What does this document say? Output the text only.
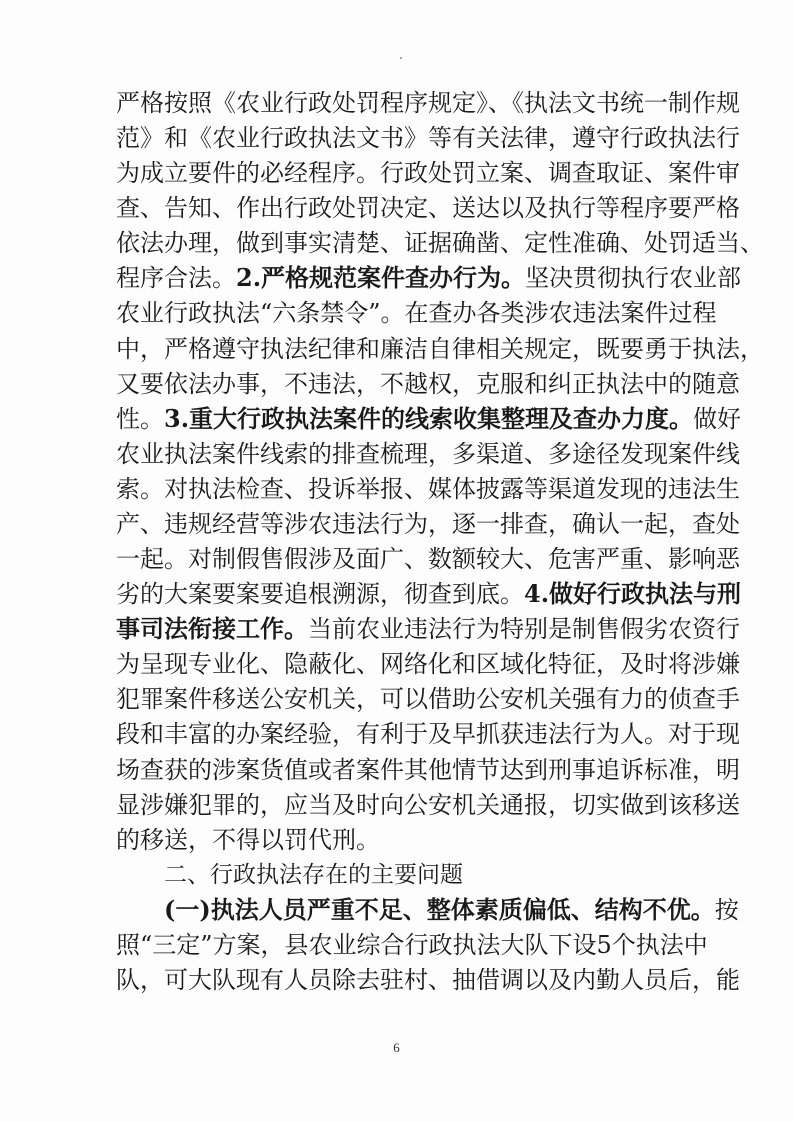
严格按照《农业行政处罚程序规定》、《执法文书统一制作规
范》和《农业行政执法文书》等有关法律，遵守行政执法行
为成立要件的必经程序。行政处罚立案、调查取证、案件审
查、告知、作出行政处罚决定、送达以及执行等程序要严格
依法办理，做到事实清楚、证据确凿、定性准确、处罚适当、
程序合法。2.严格规范案件查办行为。坚决贯彻执行农业部
农业行政执法“六条禁令”。在查办各类涉农违法案件过程
中，严格遵守执法纪律和廉洁自律相关规定，既要勇于执法，
又要依法办事，不违法，不越权，克服和纠正执法中的随意
性。3.重大行政执法案件的线索收集整理及查办力度。做好
农业执法案件线索的排查梳理，多渠道、多途径发现案件线
索。对执法检查、投诉举报、媒体披露等渠道发现的违法生
产、违规经营等涉农违法行为，逐一排查，确认一起，查处
一起。对制假售假涉及面广、数额较大、危害严重、影响恶
劣的大案要案要追根溯源，彻查到底。4.做好行政执法与刑
事司法衔接工作。当前农业违法行为特别是制售假劣农资行
为呈现专业化、隐蔽化、网络化和区域化特征，及时将涉嫌
犯罪案件移送公安机关，可以借助公安机关强有力的侦查手
段和丰富的办案经验，有利于及早抓获违法行为人。对于现
场查获的涉案货值或者案件其他情节达到刑事追诉标准，明
显涉嫌犯罪的，应当及时向公安机关通报，切实做到该移送
的移送，不得以罚代刑。
二、行政执法存在的主要问题
(一)执法人员严重不足、整体素质偏低、结构不优。按
6
照“三定”方案，县农业综合行政执法大队下设5个执法中
队，可大队现有人员除去驻村、抽借调以及内勤人员后，能
